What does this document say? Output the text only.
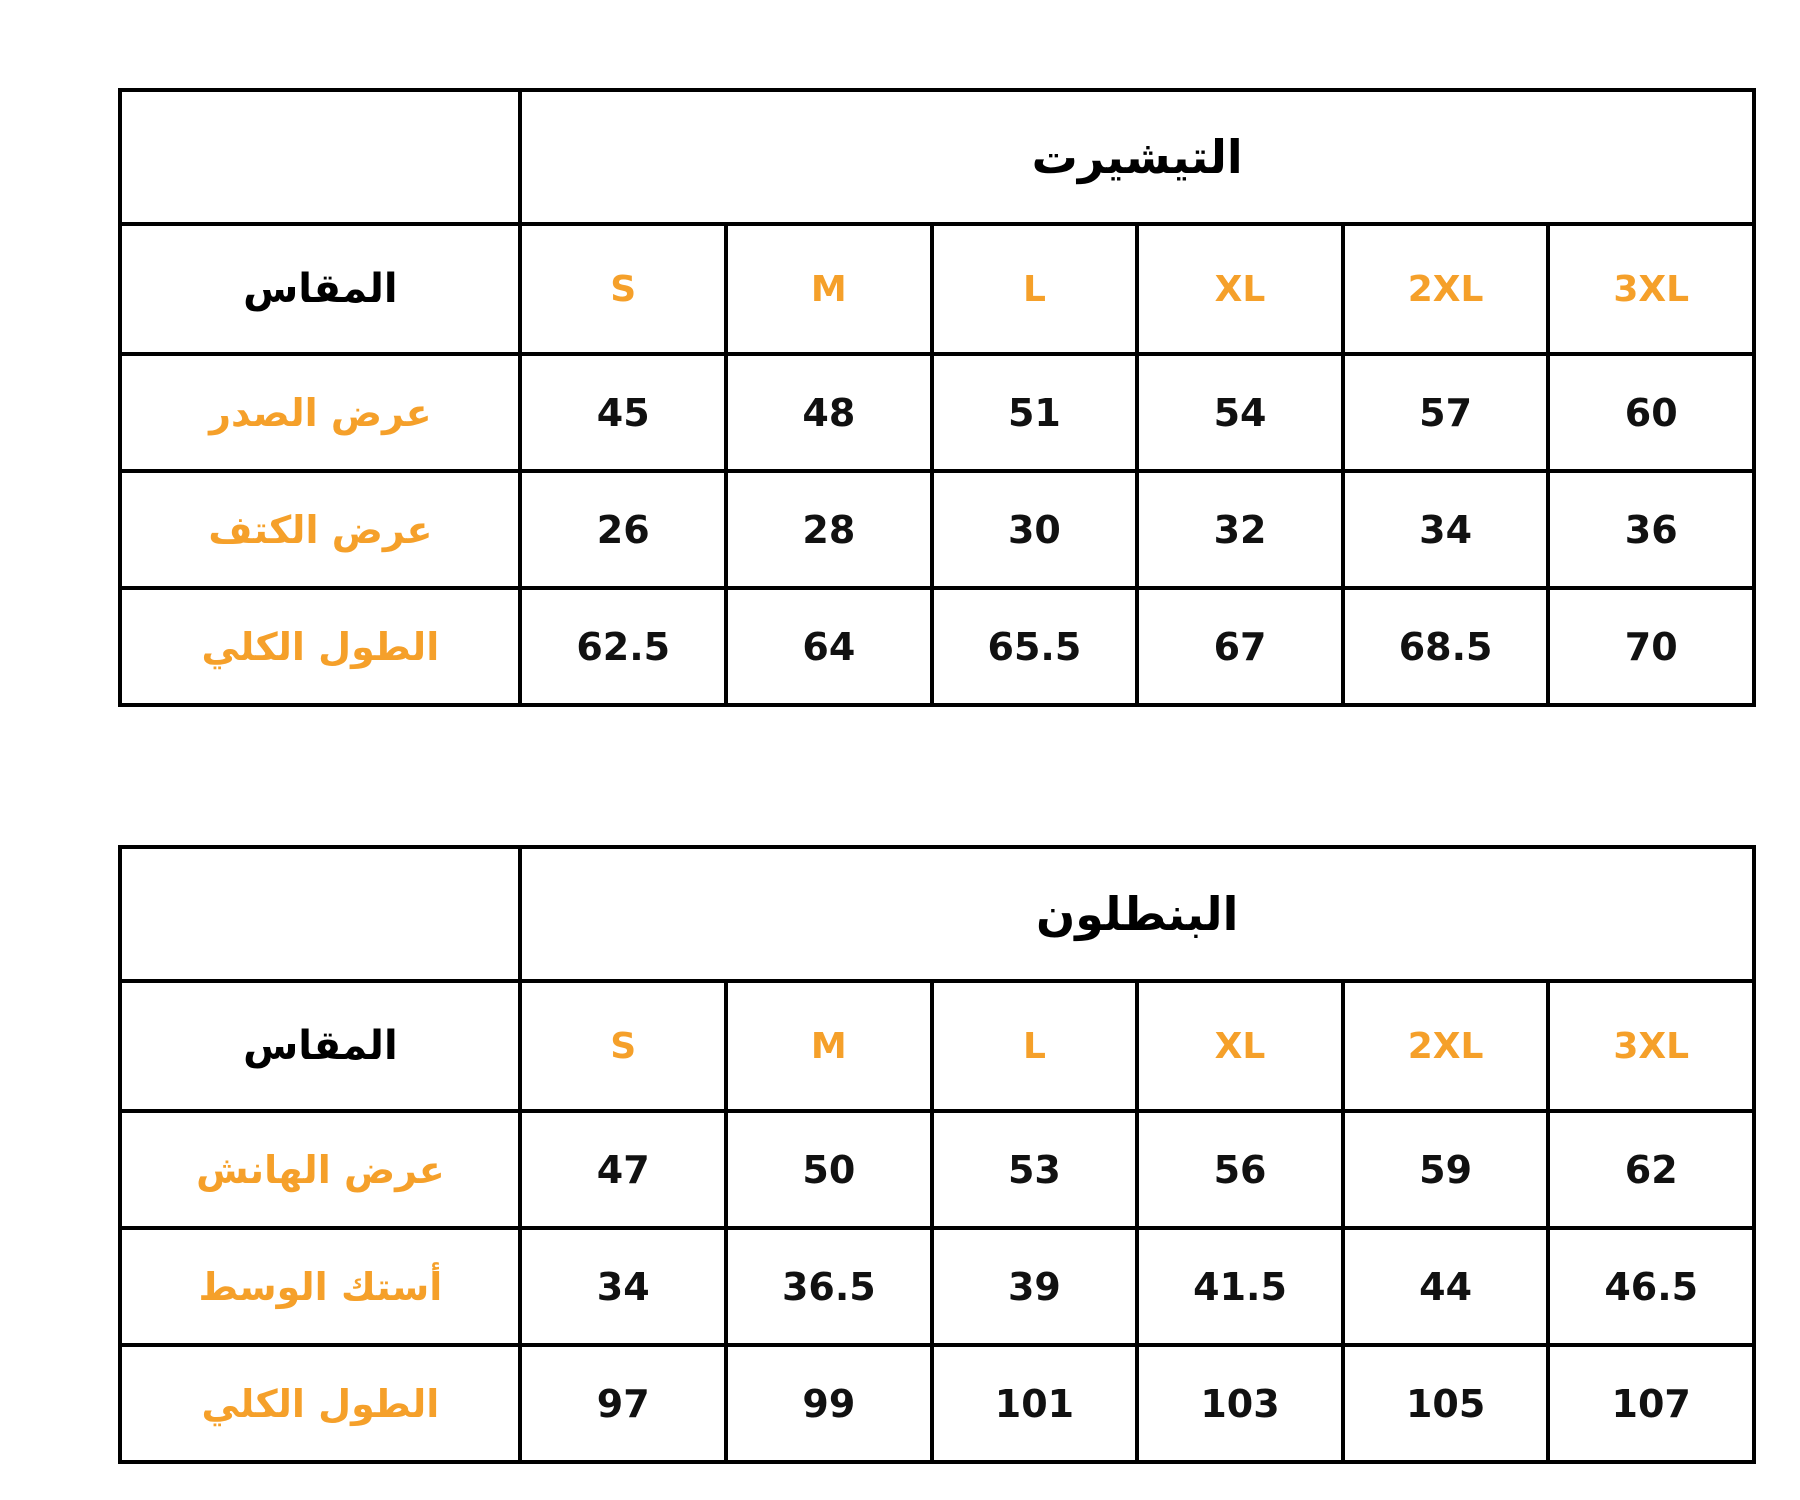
التيشيرت						
3XL	2XL	XL	L	M	S	المقاس
60	57	54	51	48	45	عرض الصدر
36	34	32	30	28	26	عرض الكتف
70	68.5	67	65.5	64	62.5	الطول الكلي
البنطلون						
3XL	2XL	XL	L	M	S	المقاس
62	59	56	53	50	47	عرض الهانش
46.5	44	41.5	39	36.5	34	أستك الوسط
107	105	103	101	99	97	الطول الكلي
